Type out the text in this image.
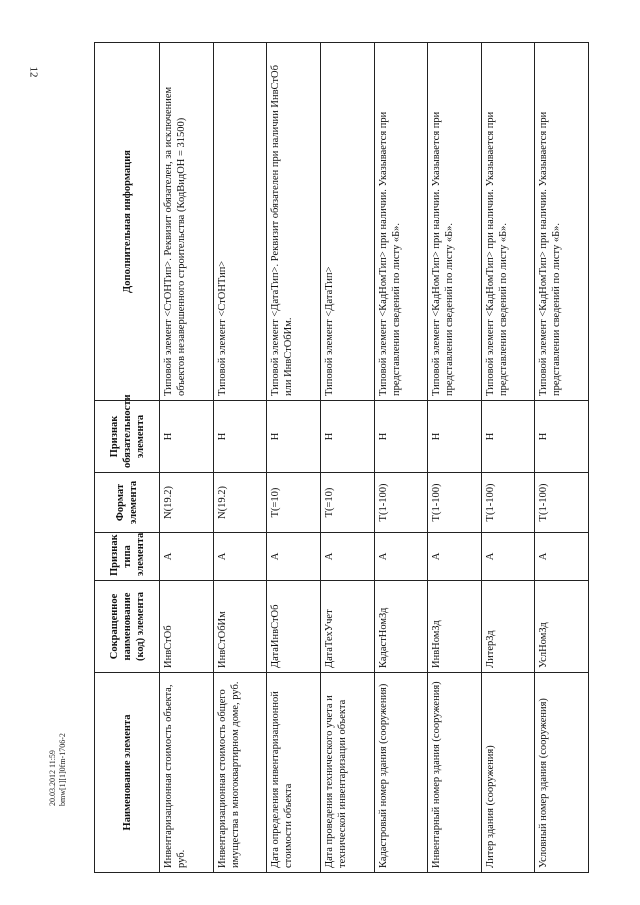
12
20.03.2012 11:59 bmw[1][1]0fm-1706-2	Наименование элемента	Сокращенное наименование (код) элемента	Признак типа элемента	Формат элемента	Признак обязательности элемента	Дополнительная информация
Инвентаризационная стоимость объекта, руб.	ИнвСтОб	А	N(19.2)	Н	Типовой элемент <СтОНТип>. Реквизит обязателен, за исключением объектов незавершенного строительства (КодВидОН = 31500)
Инвентаризационная стоимость общего имущества в многоквартирном доме, руб.	ИнвСтОбИм	А	N(19.2)	Н	Типовой элемент <СтОНТип>
Дата определения инвентаризационной стоимости объекта	ДатаИнвСтОб	А	T(=10)	Н	Типовой элемент <ДатаТип>. Реквизит обязателен при наличии ИнвСтОб или ИнвСтОбИм.
Дата проведения технического учета и технической инвентаризации объекта	ДатаТехУчет	А	T(=10)	Н	Типовой элемент <ДатаТип>
Кадастровый номер здания (сооружения)	КадастНомЗд	А	T(1-100)	Н	Типовой элемент <КадНомТип> при наличии. Указывается при представлении сведений по листу «Б».
Инвентарный номер здания (сооружения)	ИнвНомЗд	А	T(1-100)	Н	Типовой элемент <КадНомТип> при наличии. Указывается при представлении сведений по листу «Б».
Литер здания (сооружения)	ЛитерЗд	А	T(1-100)	Н	Типовой элемент <КадНомТип> при наличии. Указывается при представлении сведений по листу «Б».
Условный номер здания (сооружения)	УслНомЗд	А	T(1-100)	Н	Типовой элемент <КадНомТип> при наличии. Указывается при представлении сведений по листу «Б».
